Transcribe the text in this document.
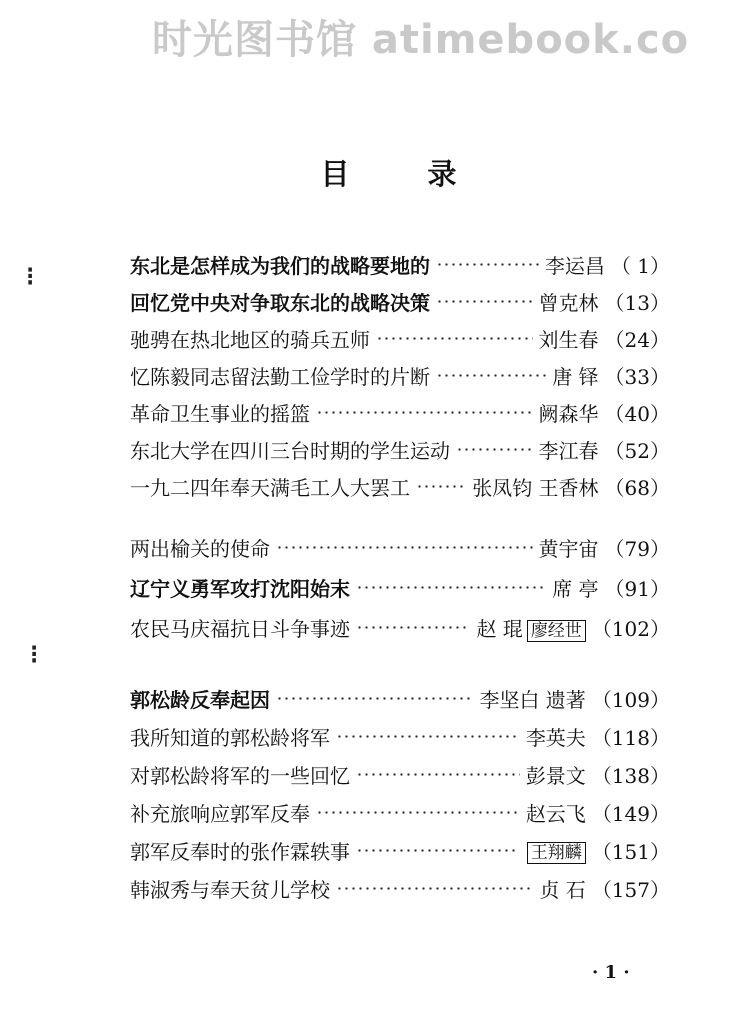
时光图书馆 atimebook.co
目 录
⁝
⁝
东北是怎样成为我们的战略要地的	李运昌 （ 1）
回忆党中央对争取东北的战略决策	曾克林 （13）
驰骋在热北地区的骑兵五师	刘生春 （24）
忆陈毅同志留法勤工俭学时的片断	唐 铎 （33）
革命卫生事业的摇篮	阙森华 （40）
东北大学在四川三台时期的学生运动	李江春 （52）
一九二四年奉天满毛工人大罢工	张凤钧 王香林 （68）
两出榆关的使命	黄宇宙 （79）
辽宁义勇军攻打沈阳始末	席 亭 （91）
农民马庆福抗日斗争事迹	赵 琨 廖经世 （102）
郭松龄反奉起因	李坚白 遗著 （109）
我所知道的郭松龄将军	李英夫 （118）
对郭松龄将军的一些回忆	彭景文 （138）
补充旅响应郭军反奉	赵云飞 （149）
郭军反奉时的张作霖轶事	王翔麟 （151）
韩淑秀与奉天贫儿学校	贞 石 （157）
· 1 ·
